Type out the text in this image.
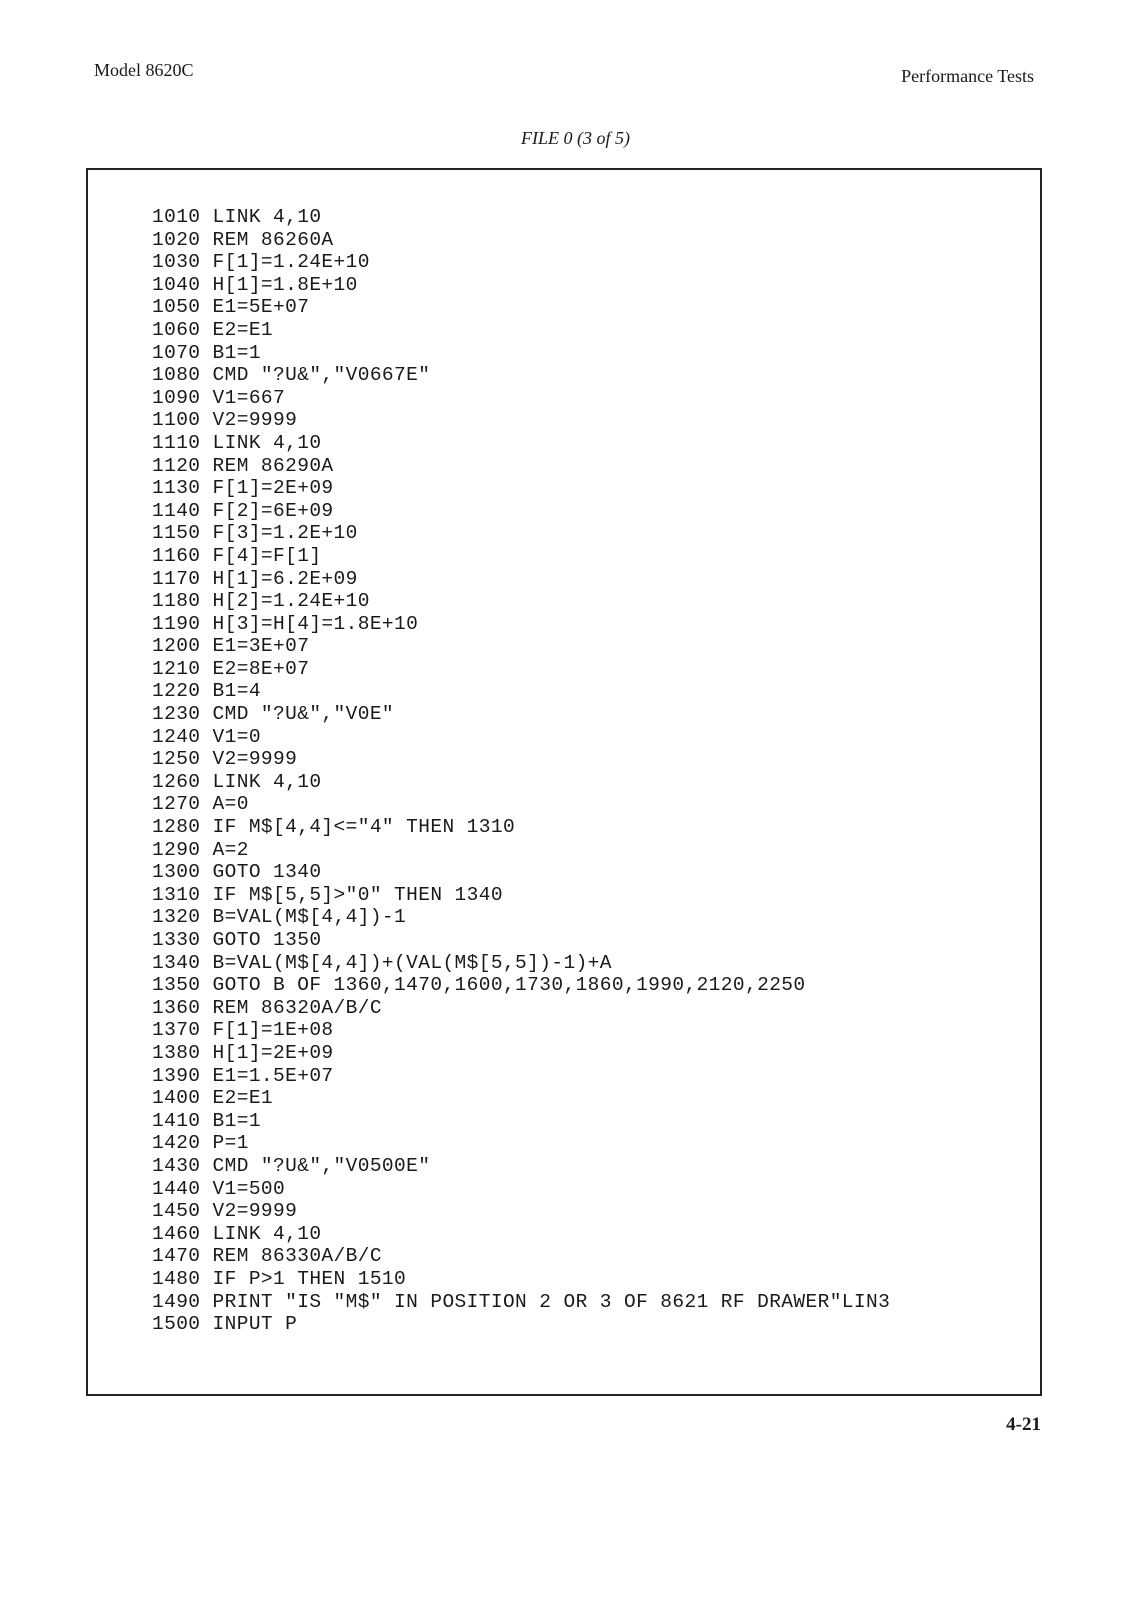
Model 8620C	Performance Tests
FILE 0 (3 of 5)
1010 LINK 4,10
1020 REM 86260A
1030 F[1]=1.24E+10
1040 H[1]=1.8E+10
1050 E1=5E+07
1060 E2=E1
1070 B1=1
1080 CMD "?U&","V0667E"
1090 V1=667
1100 V2=9999
1110 LINK 4,10
1120 REM 86290A
1130 F[1]=2E+09
1140 F[2]=6E+09
1150 F[3]=1.2E+10
1160 F[4]=F[1]
1170 H[1]=6.2E+09
1180 H[2]=1.24E+10
1190 H[3]=H[4]=1.8E+10
1200 E1=3E+07
1210 E2=8E+07
1220 B1=4
1230 CMD "?U&","V0E"
1240 V1=0
1250 V2=9999
1260 LINK 4,10
1270 A=0
1280 IF M$[4,4]<="4" THEN 1310
1290 A=2
1300 GOTO 1340
1310 IF M$[5,5]>"0" THEN 1340
1320 B=VAL(M$[4,4])-1
1330 GOTO 1350
1340 B=VAL(M$[4,4])+(VAL(M$[5,5])-1)+A
1350 GOTO B OF 1360,1470,1600,1730,1860,1990,2120,2250
1360 REM 86320A/B/C
1370 F[1]=1E+08
1380 H[1]=2E+09
1390 E1=1.5E+07
1400 E2=E1
1410 B1=1
1420 P=1
1430 CMD "?U&","V0500E"
1440 V1=500
1450 V2=9999
1460 LINK 4,10
1470 REM 86330A/B/C
1480 IF P>1 THEN 1510
1490 PRINT "IS "M$" IN POSITION 2 OR 3 OF 8621 RF DRAWER"LIN3
1500 INPUT P
4-21
